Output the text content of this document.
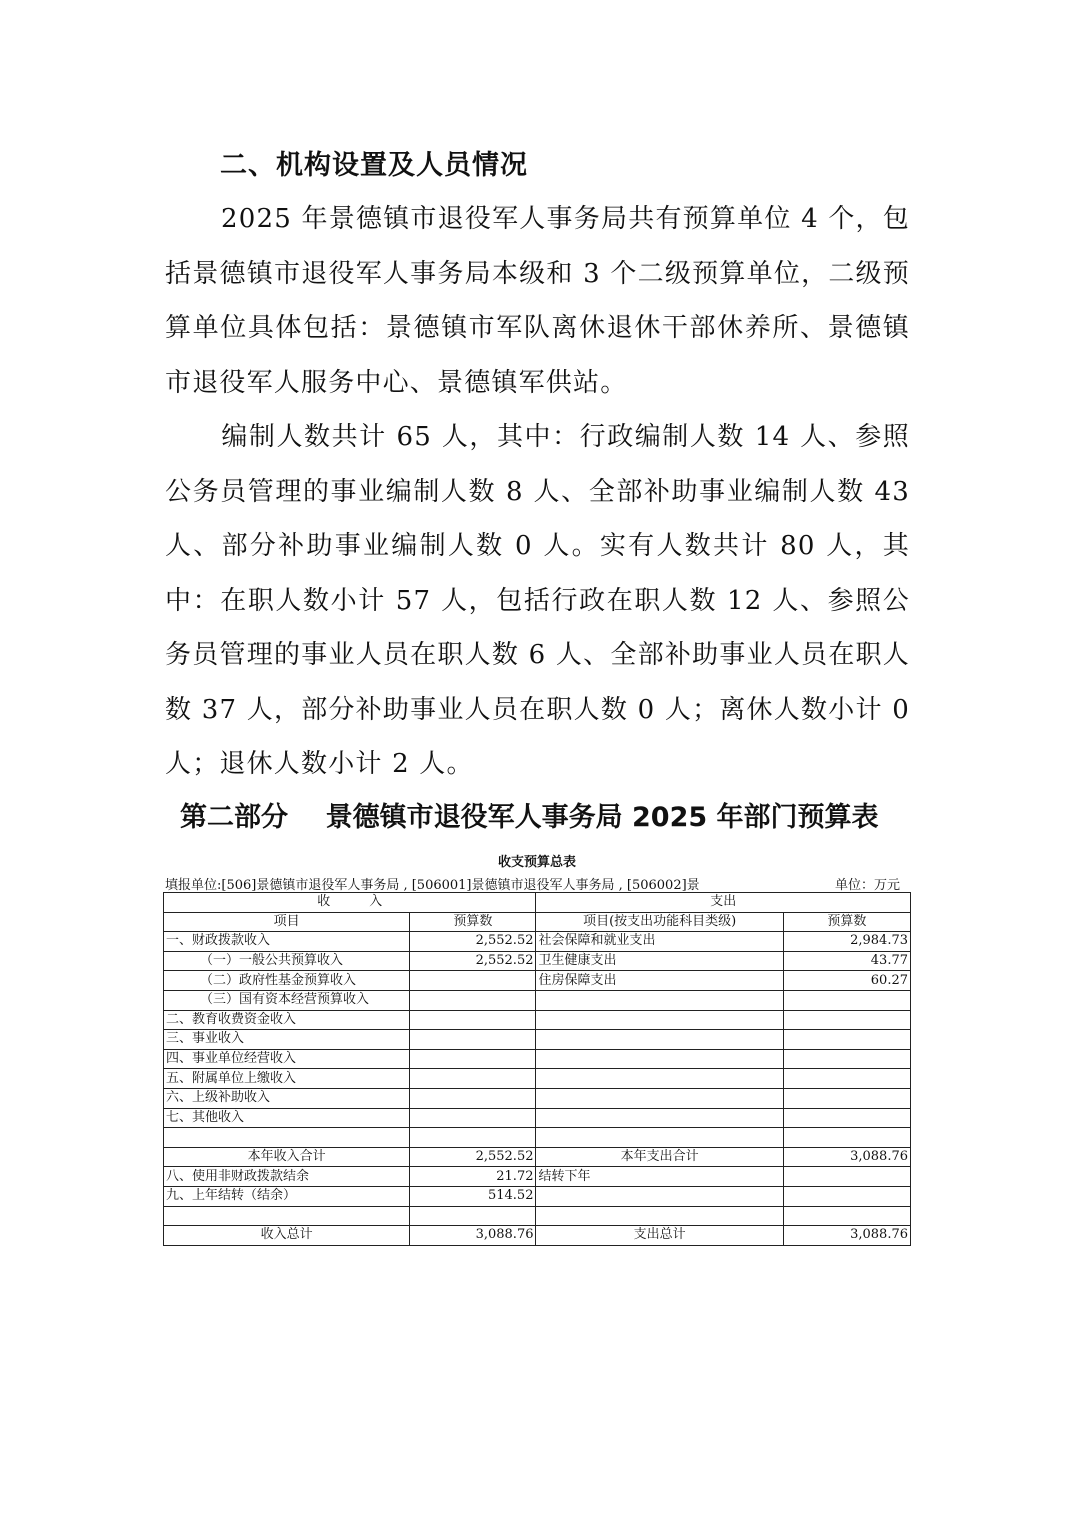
二、机构设置及人员情况
2025 年景德镇市退役军人事务局共有预算单位 4 个，包括景德镇市退役军人事务局本级和 3 个二级预算单位，二级预算单位具体包括：景德镇市军队离休退休干部休养所、景德镇市退役军人服务中心、景德镇军供站。
编制人数共计 65 人，其中：行政编制人数 14 人、参照公务员管理的事业编制人数 8 人、全部补助事业编制人数 43 人、部分补助事业编制人数 0 人。实有人数共计 80 人，其中：在职人数小计 57 人，包括行政在职人数 12 人、参照公务员管理的事业人员在职人数 6 人、全部补助事业人员在职人数 37 人，部分补助事业人员在职人数 0 人；离休人数小计 0 人；退休人数小计 2 人。
第二部分    景德镇市退役军人事务局 2025 年部门预算表
收支预算总表
填报单位:[506]景德镇市退役军人事务局 , [506001]景德镇市退役军人事务局 , [506002]景	单位：万元
收　　　入		支出	
项目	预算数	项目(按支出功能科目类级)	预算数
一、财政拨款收入	2,552.52	社会保障和就业支出	2,984.73
（一）一般公共预算收入	2,552.52	卫生健康支出	43.77
（二）政府性基金预算收入		住房保障支出	60.27
（三）国有资本经营预算收入			
二、教育收费资金收入			
三、事业收入			
四、事业单位经营收入			
五、附属单位上缴收入			
六、上级补助收入			
七、其他收入			

本年收入合计	2,552.52	本年支出合计	3,088.76
八、使用非财政拨款结余	21.72	结转下年	
九、上年结转（结余）	514.52		

收入总计	3,088.76	支出总计	3,088.76
